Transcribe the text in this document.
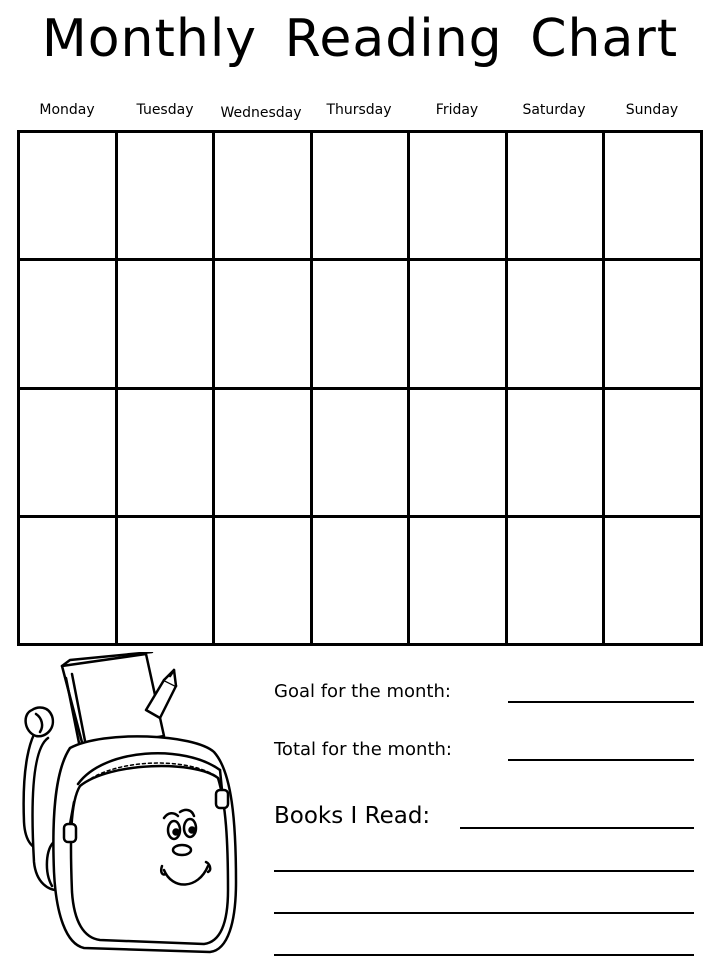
Monthly Reading Chart
Monday	Tuesday	Wednesday	Thursday	Friday	Saturday	Sunday

Goal for the month:
Total for the month:
Books I Read:
